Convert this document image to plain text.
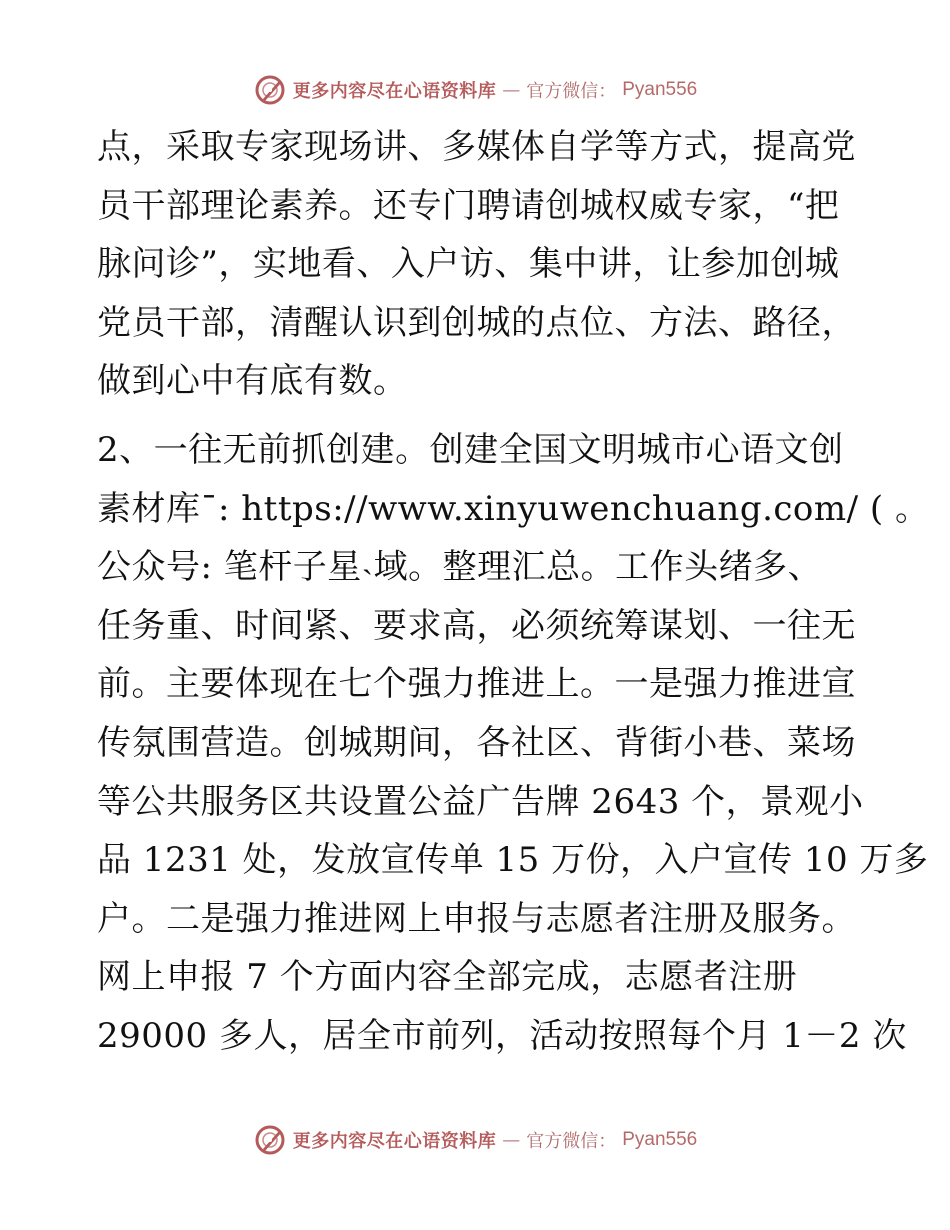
更多内容尽在心语资料库 — 官方微信： Pyan556
点，采取专家现场讲、多媒体自学等方式，提高党
员干部理论素养。还专门聘请创城权威专家，“把
脉问诊”，实地看、入户访、集中讲，让参加创城
党员干部，清醒认识到创城的点位、方法、路径，
做到心中有底有数。
2、一往无前抓创建。创建全国文明城市心语文创
素材库¯: https://www.xinyuwenchuang.com/ ( 。
公众号: 笔杆子星˴域。整理汇总。工作头绪多、
任务重、时间紧、要求高，必须统筹谋划、一往无
前。主要体现在七个强力推进上。一是强力推进宣
传氛围营造。创城期间，各社区、背街小巷、菜场
等公共服务区共设置公益广告牌 2643 个，景观小
品 1231 处，发放宣传单 15 万份，入户宣传 10 万多
户。二是强力推进网上申报与志愿者注册及服务。
网上申报 7 个方面内容全部完成，志愿者注册
29000 多人，居全市前列，活动按照每个月 1－2 次
更多内容尽在心语资料库 — 官方微信： Pyan556
